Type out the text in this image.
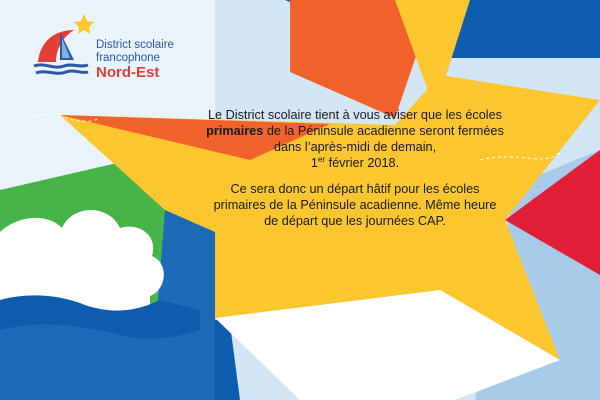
District scolaire
francophone
Nord-Est

Le District scolaire tient à vous aviser que les écoles primaires de la Péninsule acadienne seront fermées dans l’après-midi de demain,
1er février 2018.

Ce sera donc un départ hâtif pour les écoles primaires de la Péninsule acadienne. Même heure de départ que les journées CAP.
